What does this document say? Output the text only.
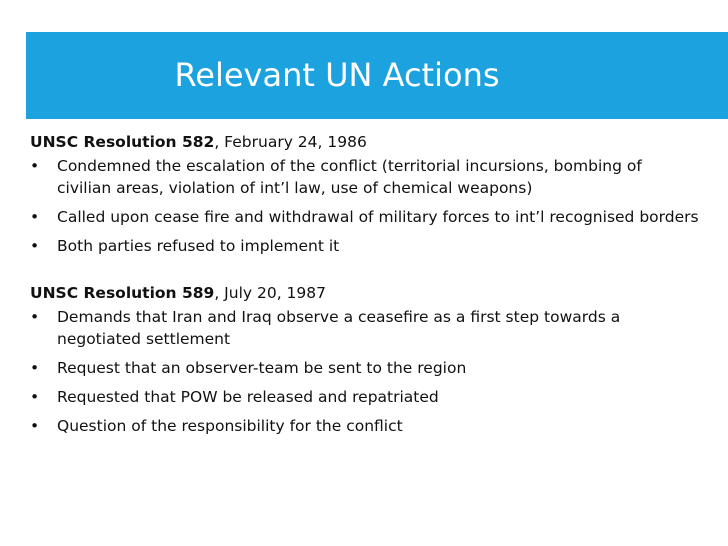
Relevant UN Actions

UNSC Resolution 582, February 24, 1986

• Condemned the escalation of the conflict (territorial incursions, bombing of civilian areas, violation of int’l law, use of chemical weapons)
• Called upon cease fire and withdrawal of military forces to int’l recognised borders
• Both parties refused to implement it

UNSC Resolution 589, July 20, 1987

• Demands that Iran and Iraq observe a ceasefire as a first step towards a negotiated settlement
• Request that an observer-team be sent to the region
• Requested that POW be released and repatriated
• Question of the responsibility for the conflict
